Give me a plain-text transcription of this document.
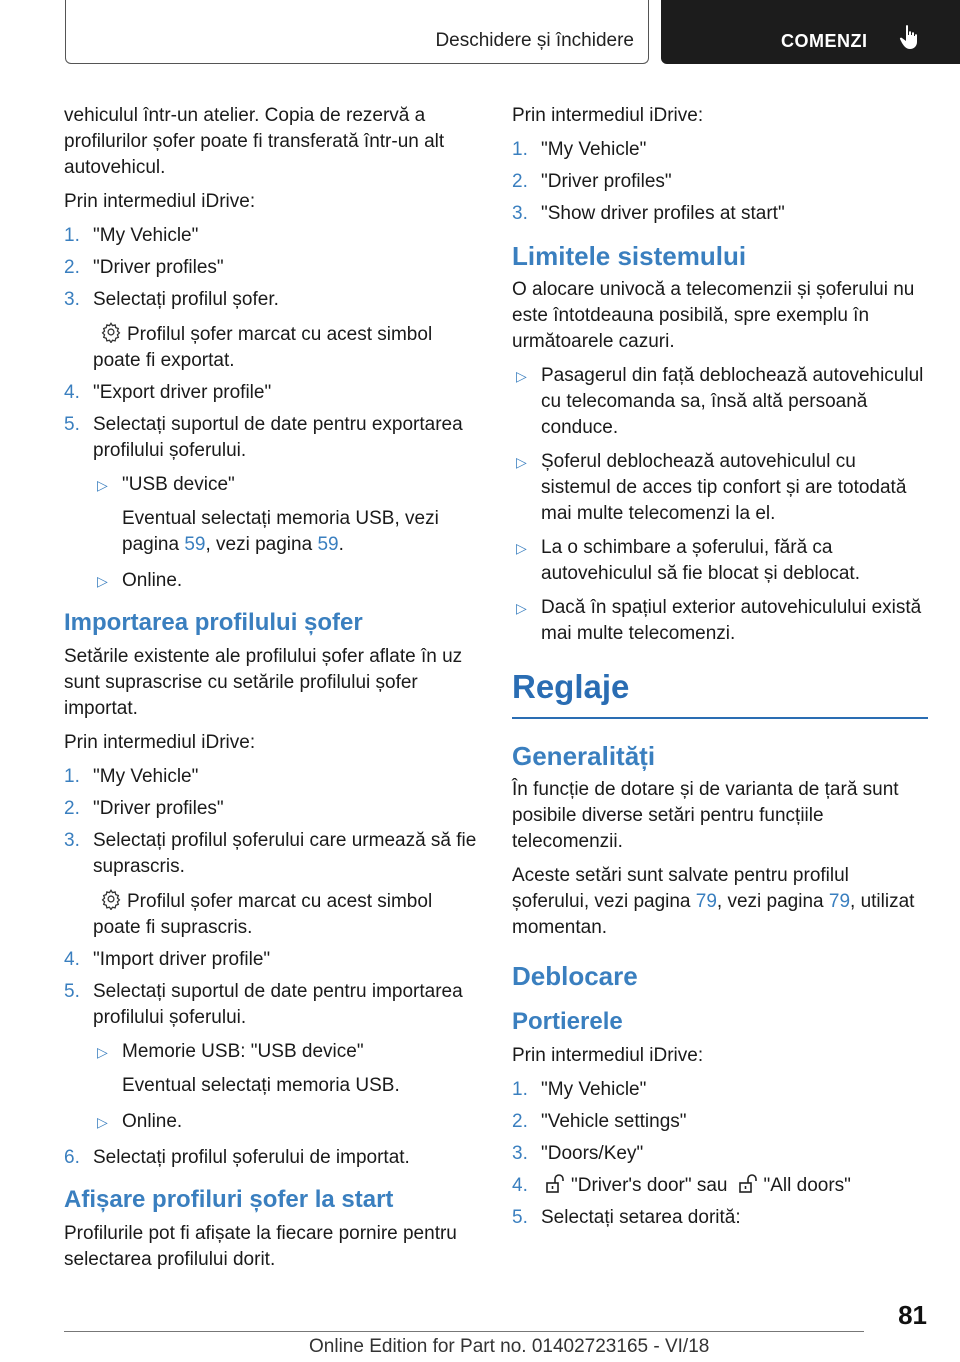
Deschidere și închidere	COMENZI

vehiculul într-un atelier. Copia de rezervă a profilurilor șofer poate fi transferată într-un alt autovehicul.

Prin intermediul iDrive:

1. "My Vehicle"
2. "Driver profiles"
3. Selectați profilul șofer.
Profilul șofer marcat cu acest simbol poate fi exportat.
4. "Export driver profile"
5. Selectați suportul de date pentru exportarea profilului șoferului.
▷ "USB device"
Eventual selectați memoria USB, vezi pagina 59, vezi pagina 59.
▷ Online.
Importarea profilului șofer

Setările existente ale profilului șofer aflate în uz sunt suprascrise cu setările profilului șofer importat.

Prin intermediul iDrive:

1. "My Vehicle"
2. "Driver profiles"
3. Selectați profilul șoferului care urmează să fie suprascris.
Profilul șofer marcat cu acest simbol poate fi suprascris.
4. "Import driver profile"
5. Selectați suportul de date pentru importarea profilului șoferului.
▷ Memorie USB: "USB device"
Eventual selectați memoria USB.
▷ Online.
6. Selectați profilul șoferului de importat.
Afișare profiluri șofer la start

Profilurile pot fi afișate la fiecare pornire pentru selectarea profilului dorit.

Prin intermediul iDrive:

1. "My Vehicle"
2. "Driver profiles"
3. "Show driver profiles at start"
Limitele sistemului

O alocare univocă a telecomenzii și șoferului nu este întotdeauna posibilă, spre exemplu în următoarele cazuri.

▷ Pasagerul din față deblochează autovehiculul cu telecomanda sa, însă altă persoană conduce.
▷ Șoferul deblochează autovehiculul cu sistemul de acces tip confort și are totodată mai multe telecomenzi la el.
▷ La o schimbare a șoferului, fără ca autovehiculul să fie blocat și deblocat.
▷ Dacă în spațiul exterior autovehiculului există mai multe telecomenzi.
Reglaje
Generalități

În funcție de dotare și de varianta de țară sunt posibile diverse setări pentru funcțiile telecomenzii.

Aceste setări sunt salvate pentru profilul șoferului, vezi pagina 79, vezi pagina 79, utilizat momentan.

Deblocare
Portierele

Prin intermediul iDrive:

1. "My Vehicle"
2. "Vehicle settings"
3. "Doors/Key"
4. "Driver's door" sau "All doors"
5. Selectați setarea dorită:
81
Online Edition for Part no. 01402723165 - VI/18
